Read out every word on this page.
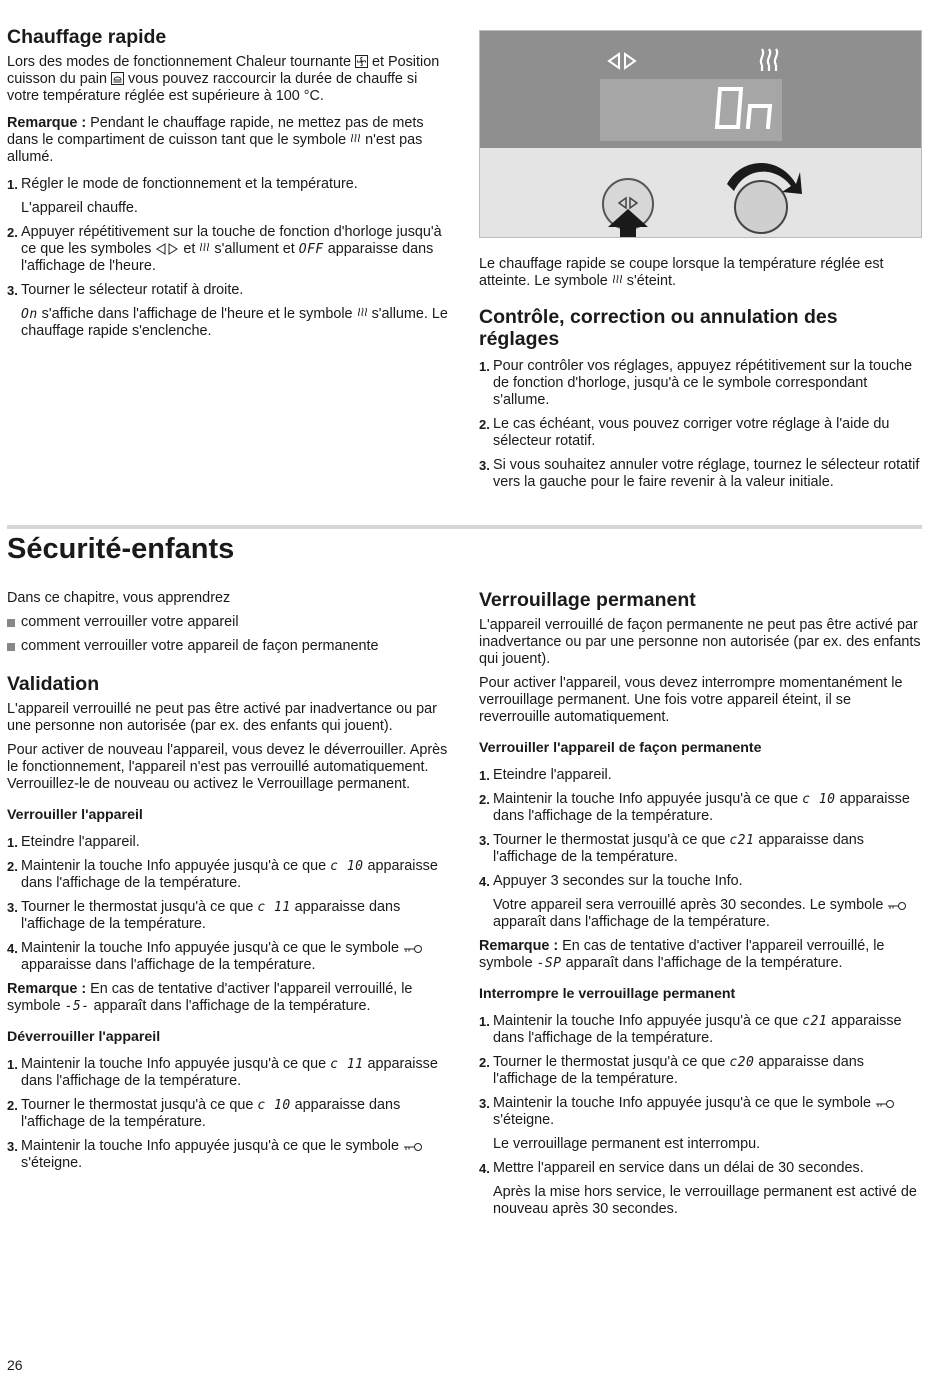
Chauffage rapide

Lors des modes de fonctionnement Chaleur tournante et Position cuisson du pain vous pouvez raccourcir la durée de chauffe si votre température réglée est supérieure à 100 °C.

Remarque : Pendant le chauffage rapide, ne mettez pas de mets dans le compartiment de cuisson tant que le symbole n'est pas allumé.

1. Régler le mode de fonctionnement et la température.
L'appareil chauffe.
2. Appuyer répétitivement sur la touche de fonction d'horloge jusqu'à ce que les symboles et s'allument et OFF apparaisse dans l'affichage de l'heure.
3. Tourner le sélecteur rotatif à droite.
On s'affiche dans l'affichage de l'heure et le symbole s'allume. Le chauffage rapide s'enclenche.

Le chauffage rapide se coupe lorsque la température réglée est atteinte. Le symbole s'éteint.

Contrôle, correction ou annulation des réglages
1. Pour contrôler vos réglages, appuyez répétitivement sur la touche de fonction d'horloge, jusqu'à ce le symbole correspondant s'allume.
2. Le cas échéant, vous pouvez corriger votre réglage à l'aide du sélecteur rotatif.
3. Si vous souhaitez annuler votre réglage, tournez le sélecteur rotatif vers la gauche pour le faire revenir à la valeur initiale.
Sécurité-enfants

Dans ce chapitre, vous apprendrez

comment verrouiller votre appareil
comment verrouiller votre appareil de façon permanente
Validation

L'appareil verrouillé ne peut pas être activé par inadvertance ou par une personne non autorisée (par ex. des enfants qui jouent).

Pour activer de nouveau l'appareil, vous devez le déverrouiller. Après le fonctionnement, l'appareil n'est pas verrouillé automatiquement. Verrouillez-le de nouveau ou activez le Verrouillage permanent.

Verrouiller l'appareil
1. Eteindre l'appareil.
2. Maintenir la touche Info appuyée jusqu'à ce que c 10 apparaisse dans l'affichage de la température.
3. Tourner le thermostat jusqu'à ce que c 11 apparaisse dans l'affichage de la température.
4. Maintenir la touche Info appuyée jusqu'à ce que le symbole  apparaisse dans l'affichage de la température.

Remarque : En cas de tentative d'activer l'appareil verrouillé, le symbole -5- apparaît dans l'affichage de la température.

Déverrouiller l'appareil
1. Maintenir la touche Info appuyée jusqu'à ce que c 11 apparaisse dans l'affichage de la température.
2. Tourner le thermostat jusqu'à ce que c 10 apparaisse dans l'affichage de la température.
3. Maintenir la touche Info appuyée jusqu'à ce que le symbole  s'éteigne.
Verrouillage permanent

L'appareil verrouillé de façon permanente ne peut pas être activé par inadvertance ou par une personne non autorisée (par ex. des enfants qui jouent).

Pour activer l'appareil, vous devez interrompre momentanément le verrouillage permanent. Une fois votre appareil éteint, il se reverrouille automatiquement.

Verrouiller l'appareil de façon permanente
1. Eteindre l'appareil.
2. Maintenir la touche Info appuyée jusqu'à ce que c 10 apparaisse dans l'affichage de la température.
3. Tourner le thermostat jusqu'à ce que c21 apparaisse dans l'affichage de la température.
4. Appuyer 3 secondes sur la touche Info.
Votre appareil sera verrouillé après 30 secondes. Le symbole  apparaît dans l'affichage de la température.

Remarque : En cas de tentative d'activer l'appareil verrouillé, le symbole -SP apparaît dans l'affichage de la température.

Interrompre le verrouillage permanent
1. Maintenir la touche Info appuyée jusqu'à ce que c21 apparaisse dans l'affichage de la température.
2. Tourner le thermostat jusqu'à ce que c20 apparaisse dans l'affichage de la température.
3. Maintenir la touche Info appuyée jusqu'à ce que le symbole  s'éteigne.
Le verrouillage permanent est interrompu.
4. Mettre l'appareil en service dans un délai de 30 secondes.
Après la mise hors service, le verrouillage permanent est activé de nouveau après 30 secondes.
26
